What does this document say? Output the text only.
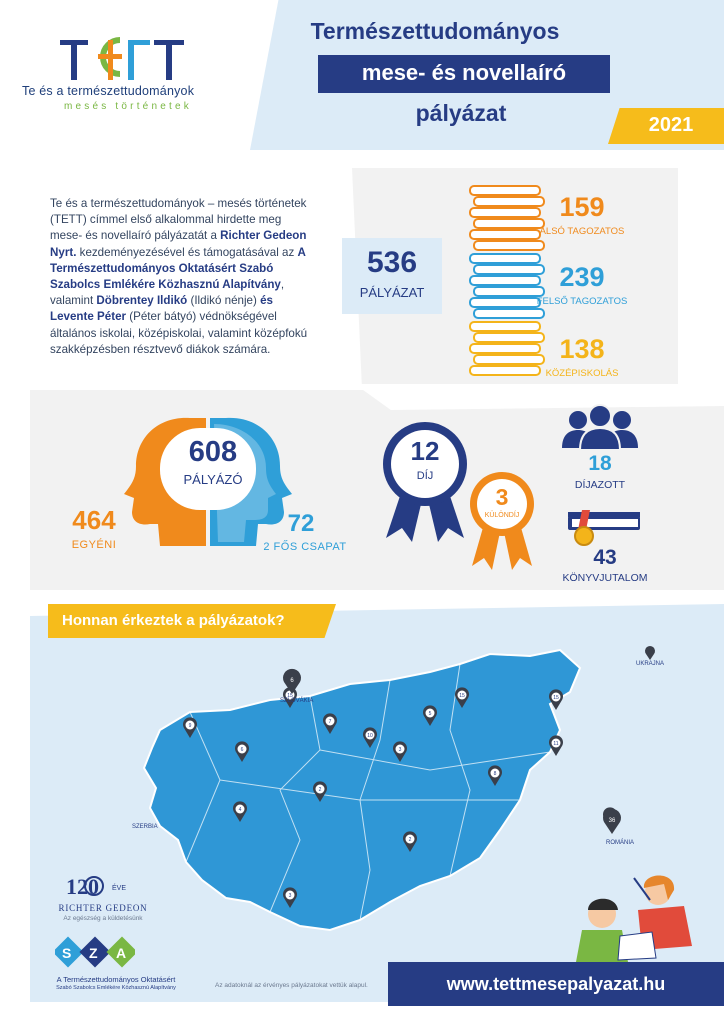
Te és a természettudományok
mesés történetek
Természettudományos
mese- és novellaíró
pályázat	2021
Te és a természettudományok – mesés történetek (TETT) címmel első alkalommal hirdette meg mese- és novellaíró pályázatát a Richter Gedeon Nyrt. kezdeményezésével és támogatásával az A Természettudományos Oktatásért Szabó Szabolcs Emlékére Közhasznú Alapítvány, valamint Döbrentey Ildikó (Ildikó nénje) és Levente Péter (Péter bátyó) védnökségével általános iskolai, középiskolai, valamint középfokú szakképzésben résztvevő diákok számára.
536
PÁLYÁZAT
159
ALSÓ TAGOZATOS
239
FELSŐ TAGOZATOS
138
KÖZÉPISKOLÁS
608
PÁLYÁZÓ
464
EGYÉNI
72
2 FŐS CSAPAT
12
DÍJ
3
KÜLÖNDÍJ
18
DÍJAZOTT
43
KÖNYVJUTALOM
Honnan érkeztek a pályázatok?
15	15
11
10
15
9
6
7
5
3
2
4
8
2
3
36
6
SZLOVÁKIA
UKRAJNA
ROMÁNIA
SZERBIA
Az adatoknál az érvényes pályázatokat vettük alapul.	www.tettmesepalyazat.hu
120 ÉVE
RICHTER GEDEON
Az egészség a küldetésünk
S Z A
A Természettudományos Oktatásért
Szabó Szabolcs Emlékére Közhasznú Alapítvány
